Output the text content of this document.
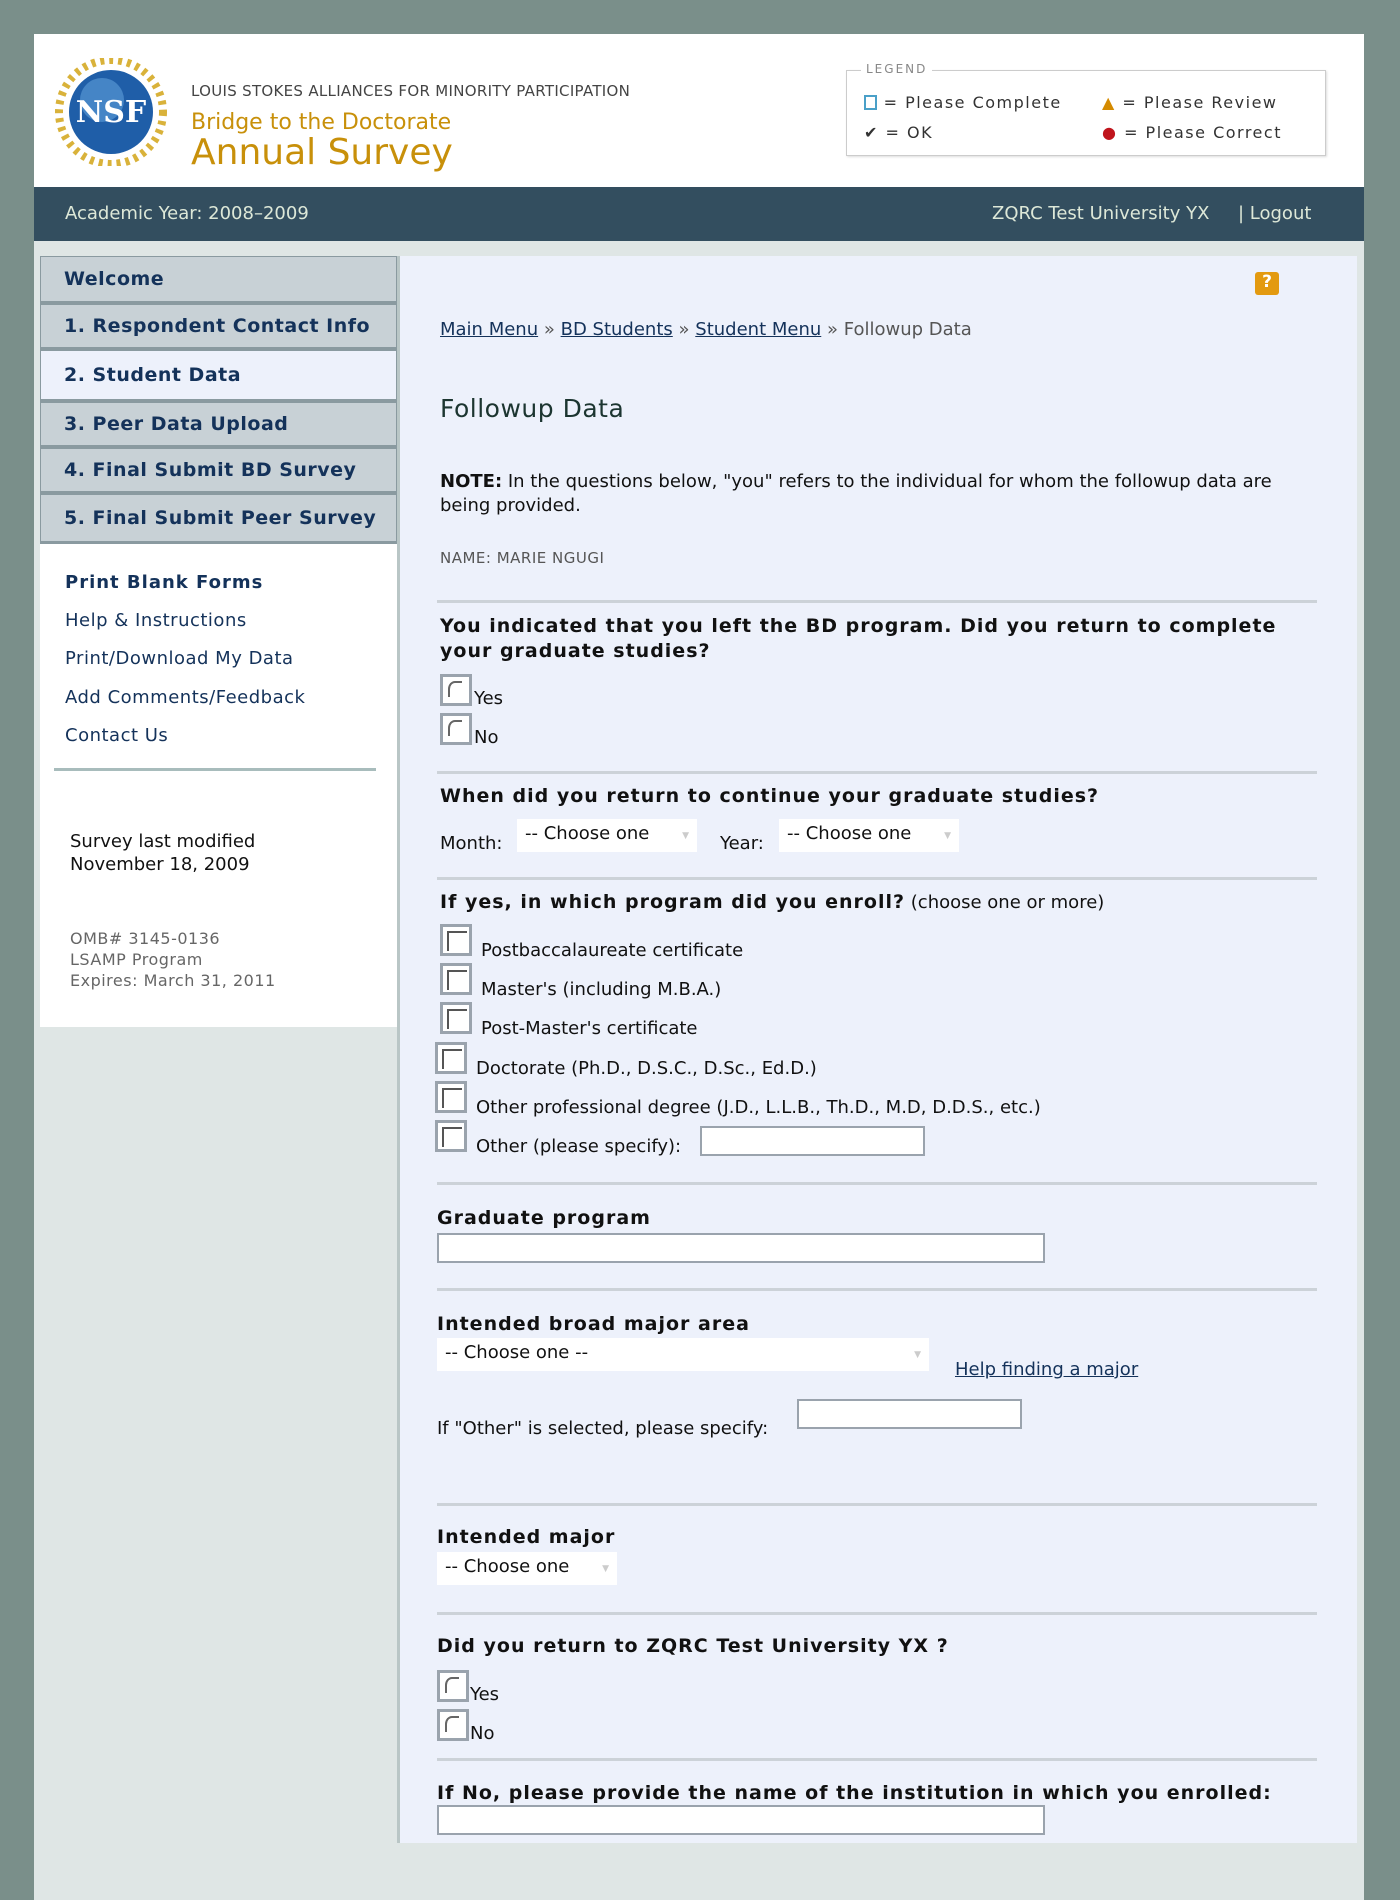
NSF
LOUIS STOKES ALLIANCES FOR MINORITY PARTICIPATION
Bridge to the Doctorate
Annual Survey
LEGEND
= Please Complete	▲ = Please Review
✔ = OK	● = Please Correct
Academic Year: 2008–2009	ZQRC Test University YX | Logout
Welcome
1. Respondent Contact Info
2. Student Data
3. Peer Data Upload
4. Final Submit BD Survey
5. Final Submit Peer Survey
Print Blank Forms
Help & Instructions
Print/Download My Data
Add Comments/Feedback
Contact Us
Survey last modified
November 18, 2009
OMB# 3145-0136
LSAMP Program
Expires: March 31, 2011
?
Main Menu » BD Students » Student Menu » Followup Data
Followup Data
NOTE: In the questions below, "you" refers to the individual for whom the followup data are being provided.
NAME: MARIE NGUGI
You indicated that you left the BD program. Did you return to complete your graduate studies?
Yes
No
When did you return to continue your graduate studies?
Month:	-- Choose one	▼ Year:	-- Choose one	▼
If yes, in which program did you enroll? (choose one or more)
Postbaccalaureate certificate
Master's (including M.B.A.)
Post-Master's certificate
Doctorate (Ph.D., D.S.C., D.Sc., Ed.D.)
Other professional degree (J.D., L.L.B., Th.D., M.D, D.D.S., etc.)
Other (please specify):
Graduate program
Intended broad major area
-- Choose one --	▼
Help finding a major
If "Other" is selected, please specify:
Intended major
-- Choose one	▼
Did you return to ZQRC Test University YX ?
Yes
No
If No, please provide the name of the institution in which you enrolled:
